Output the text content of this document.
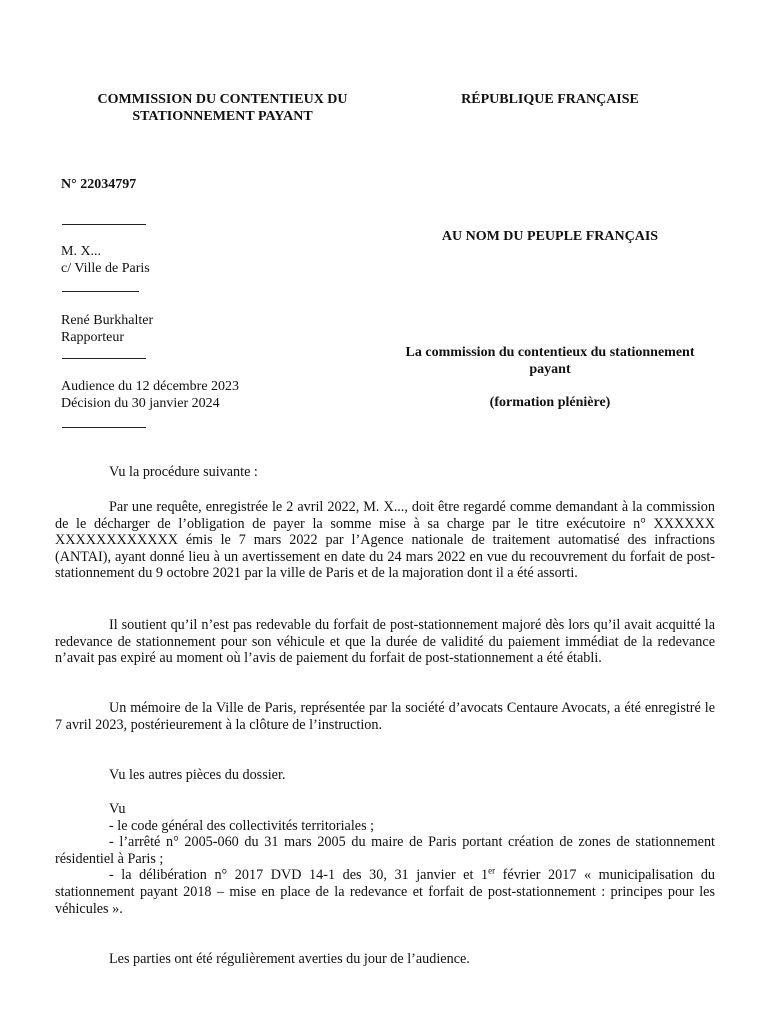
COMMISSION DU CONTENTIEUX DU
STATIONNEMENT PAYANT
RÉPUBLIQUE FRANÇAISE
N° 22034797
AU NOM DU PEUPLE FRANÇAIS
M. X...
c/ Ville de Paris
René Burkhalter
Rapporteur
La commission du contentieux du stationnement
payant
(formation plénière)
Audience du 12 décembre 2023
Décision du 30 janvier 2024

Vu la procédure suivante :

Par une requête, enregistrée le 2 avril 2022, M. X..., doit être regardé comme demandant à la commission de le décharger de l’obligation de payer la somme mise à sa charge par le titre exécutoire n° XXXXXX XXXXXXXXXXXX émis le 7 mars 2022 par l’Agence nationale de traitement automatisé des infractions (ANTAI), ayant donné lieu à un avertissement en date du 24 mars 2022 en vue du recouvrement du forfait de post-stationnement du 9 octobre 2021 par la ville de Paris et de la majoration dont il a été assorti.

Il soutient qu’il n’est pas redevable du forfait de post-stationnement majoré dès lors qu’il avait acquitté la redevance de stationnement pour son véhicule et que la durée de validité du paiement immédiat de la redevance n’avait pas expiré au moment où l’avis de paiement du forfait de post-stationnement a été établi.

Un mémoire de la Ville de Paris, représentée par la société d’avocats Centaure Avocats, a été enregistré le 7 avril 2023, postérieurement à la clôture de l’instruction.

Vu les autres pièces du dossier.

Vu

- le code général des collectivités territoriales ;

- l’arrêté n° 2005-060 du 31 mars 2005 du maire de Paris portant création de zones de stationnement résidentiel à Paris ;

- la délibération n° 2017 DVD 14-1 des 30, 31 janvier et 1er février 2017 « municipalisation du stationnement payant 2018 – mise en place de la redevance et forfait de post-stationnement : principes pour les véhicules ».

Les parties ont été régulièrement averties du jour de l’audience.
